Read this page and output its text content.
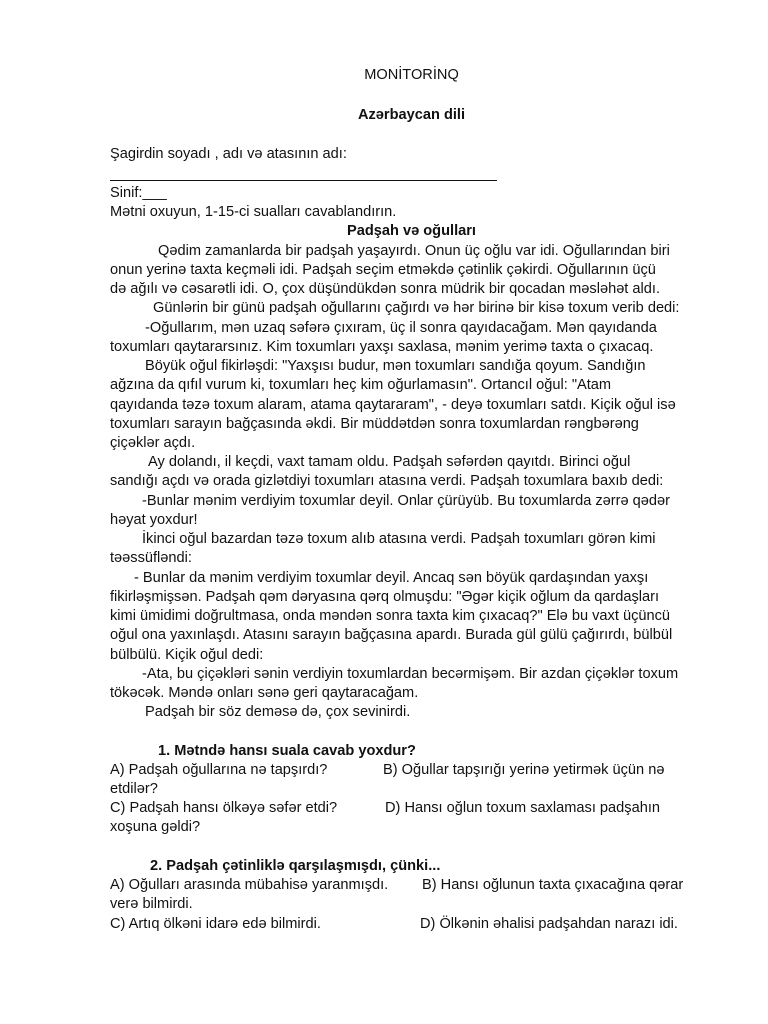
MONİTORİNQ
Azərbaycan dili
Şagirdin soyadı , adı və atasının adı:
Sinif:___
Mətni oxuyun, 1-15-ci sualları cavablandırın.
Padşah və oğulları
Qədim zamanlarda bir padşah yaşayırdı. Onun üç oğlu var idi. Oğullarından biri
onun yerinə taxta keçməli idi. Padşah seçim etməkdə çətinlik çəkirdi. Oğullarının üçü
də ağılı və cəsarətli idi. O, çox düşündükdən sonra müdrik bir qocadan məsləhət aldı.
Günlərin bir günü padşah oğullarını çağırdı və hər birinə bir kisə toxum verib dedi:
-Oğullarım, mən uzaq səfərə çıxıram, üç il sonra qayıdacağam. Mən qayıdanda
toxumları qaytararsınız. Kim toxumları yaxşı saxlasa, mənim yerimə taxta o çıxacaq.
Böyük oğul fikirləşdi: "Yaxşısı budur, mən toxumları sandığa qoyum. Sandığın
ağzına da qıfıl vurum ki, toxumları heç kim oğurlamasın". Ortancıl oğul: "Atam
qayıdanda təzə toxum alaram, atama qaytararam", - deyə toxumları satdı. Kiçik oğul isə
toxumları sarayın bağçasında əkdi. Bir müddətdən sonra toxumlardan rəngbərəng
çiçəklər açdı.
Ay dolandı, il keçdi, vaxt tamam oldu. Padşah səfərdən qayıtdı. Birinci oğul
sandığı açdı və orada gizlətdiyi toxumları atasına verdi. Padşah toxumlara baxıb dedi:
-Bunlar mənim verdiyim toxumlar deyil. Onlar çürüyüb. Bu toxumlarda zərrə qədər
həyat yoxdur!
İkinci oğul bazardan təzə toxum alıb atasına verdi. Padşah toxumları görən kimi
təəssüfləndi:
- Bunlar da mənim verdiyim toxumlar deyil. Ancaq sən böyük qardaşından yaxşı
fikirləşmişsən. Padşah qəm dəryasına qərq olmuşdu: "Əgər kiçik oğlum da qardaşları
kimi ümidimi doğrultmasa, onda məndən sonra taxta kim çıxacaq?" Elə bu vaxt üçüncü
oğul ona yaxınlaşdı. Atasını sarayın bağçasına apardı. Burada gül gülü çağırırdı, bülbül
bülbülü. Kiçik oğul dedi:
-Ata, bu çiçəkləri sənin verdiyin toxumlardan becərmişəm. Bir azdan çiçəklər toxum
tökəcək. Məndə onları sənə geri qaytaracağam.
Padşah bir söz deməsə də, çox sevinirdi.
1. Mətndə hansı suala cavab yoxdur?
A) Padşah oğullarına nə tapşırdı?	B) Oğullar tapşırığı yerinə yetirmək üçün nə
etdilər?
C) Padşah hansı ölkəyə səfər etdi?	D) Hansı oğlun toxum saxlaması padşahın
xoşuna gəldi?
2. Padşah çətinliklə qarşılaşmışdı, çünki...
A) Oğulları arasında mübahisə yaranmışdı. B) Hansı oğlunun taxta çıxacağına qərar
verə bilmirdi.
C) Artıq ölkəni idarə edə bilmirdi.	D) Ölkənin əhalisi padşahdan narazı idi.
